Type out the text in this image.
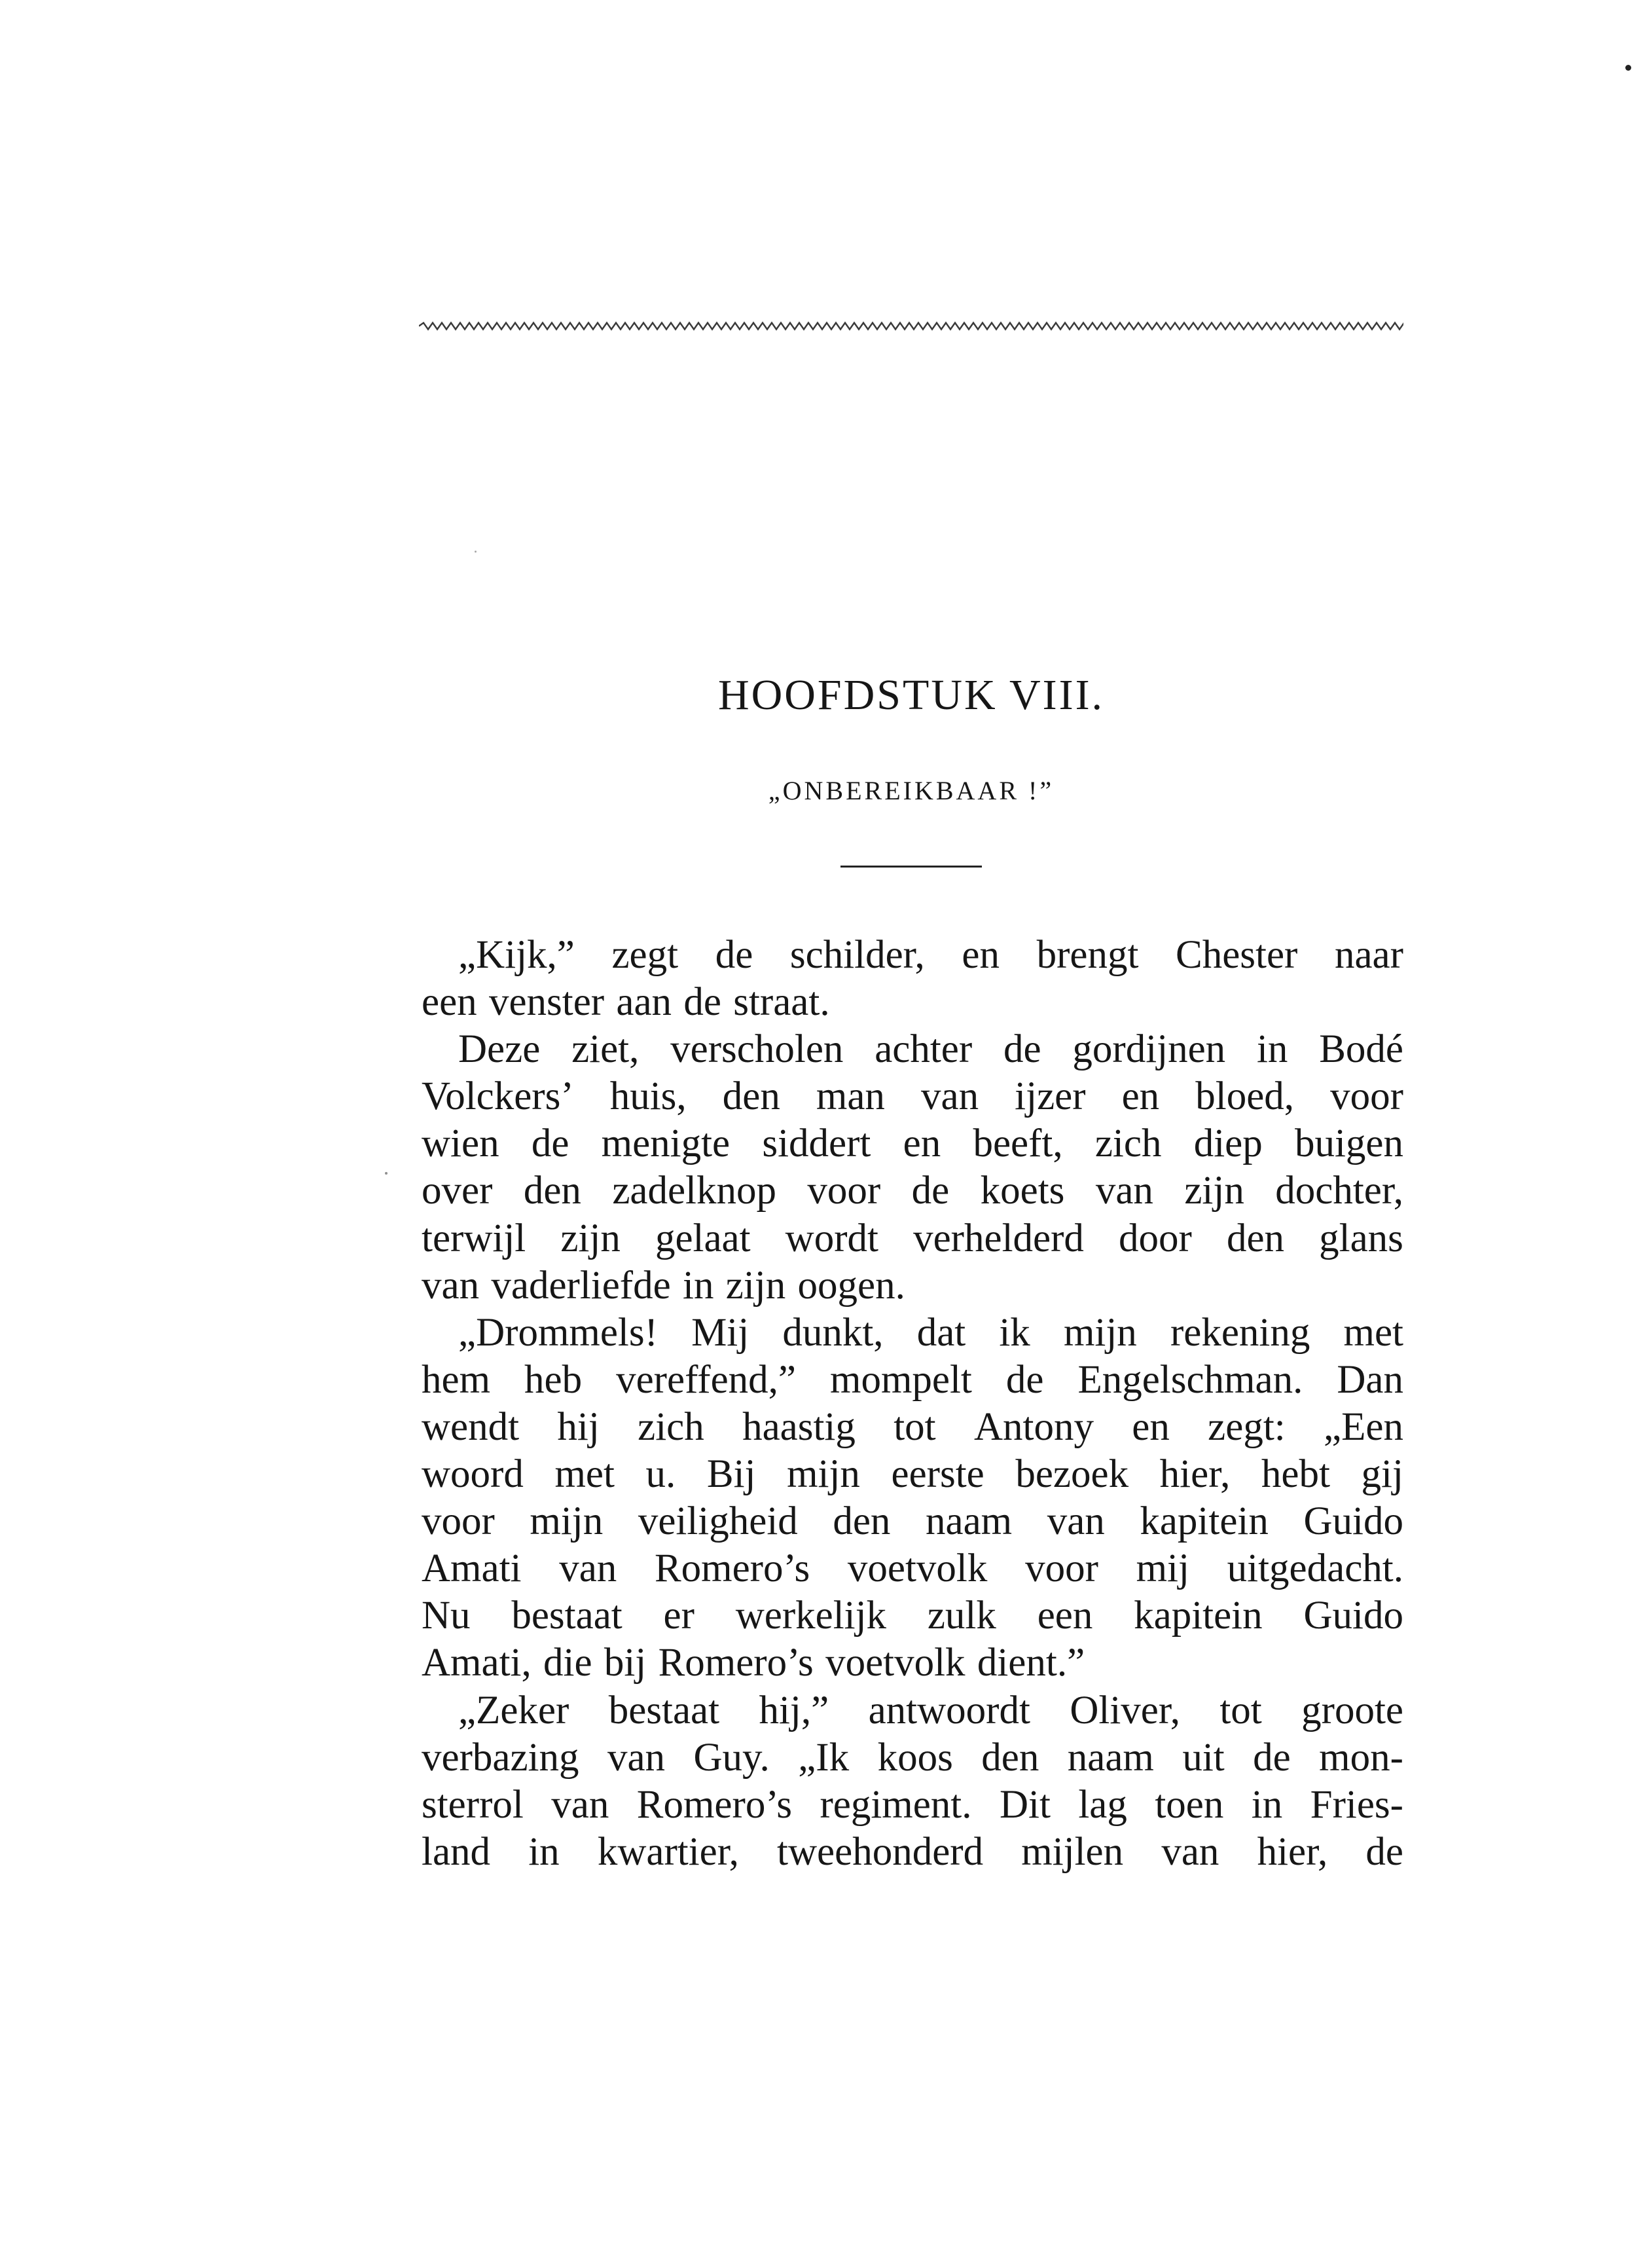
HOOFDSTUK VIII.
„ONBEREIKBAAR !”
„Kijk,” zegt de schilder, en brengt Chester naar
een venster aan de straat.
Deze ziet, verscholen achter de gordijnen in Bodé
Volckers’ huis, den man van ijzer en bloed, voor
wien de menigte siddert en beeft, zich diep buigen
over den zadelknop voor de koets van zijn dochter,
terwijl zijn gelaat wordt verhelderd door den glans
van vaderliefde in zijn oogen.
„Drommels! Mij dunkt, dat ik mijn rekening met
hem heb vereffend,” mompelt de Engelschman. Dan
wendt hij zich haastig tot Antony en zegt: „Een
woord met u. Bij mijn eerste bezoek hier, hebt gij
voor mijn veiligheid den naam van kapitein Guido
Amati van Romero’s voetvolk voor mij uitgedacht.
Nu bestaat er werkelijk zulk een kapitein Guido
Amati, die bij Romero’s voetvolk dient.”
„Zeker bestaat hij,” antwoordt Oliver, tot groote
verbazing van Guy. „Ik koos den naam uit de mon-
sterrol van Romero’s regiment. Dit lag toen in Fries-
land in kwartier, tweehonderd mijlen van hier, de
